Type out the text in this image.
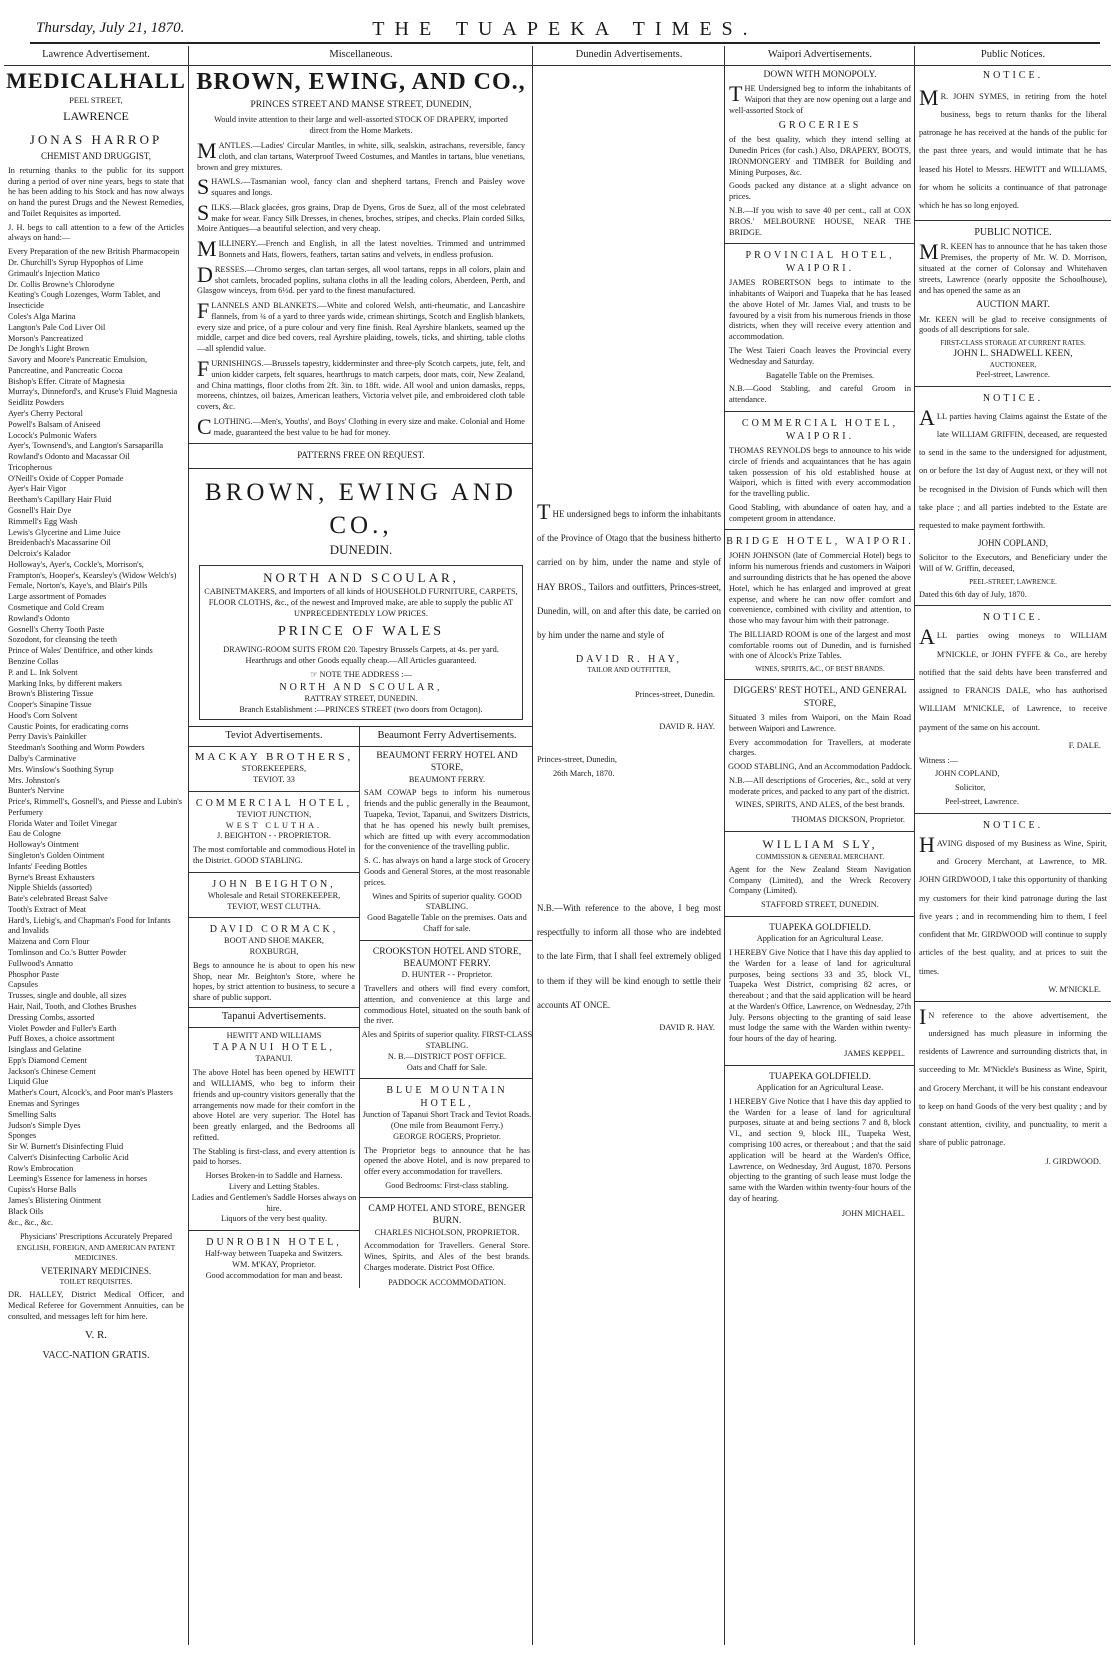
Thursday, July 21, 1870.	THE TUAPEKA TIMES.
Lawrence Advertisement.
MEDICALHALL
PEEL STREET,
LAWRENCE
JONAS HARROP
CHEMIST AND DRUGGIST,
In returning thanks to the public for its support during a period of over nine years, begs to state that he has been adding to his Stock and has now always on hand the purest Drugs and the Newest Remedies, and Toilet Requisites as imported.
J. H. begs to call attention to a few of the Articles always on hand:—
Every Preparation of the new British Pharmacopein
Dr. Churchill's Syrup Hypophos of Lime
Grimault's Injection Matico
Dr. Collis Browne's Chlorodyne
Keating's Cough Lozenges, Worm Tablet, and Insecticide
Coles's Alga Marina
Langton's Pale Cod Liver Oil
Morson's Pancreatized
De Jongh's Light Brown
Savory and Moore's Pancreatic Emulsion, Pancreatine, and Pancreatic Cocoa
Bishop's Effer. Citrate of Magnesia
Murray's, Dinneford's, and Kruse's Fluid Magnesia
Seidlitz Powders
Ayer's Cherry Pectoral
Powell's Balsam of Aniseed
Locock's Pulmonic Wafers
Ayer's, Townsend's, and Langton's Sarsaparilla
Rowland's Odonto and Macassar Oil
Tricopherous
O'Neill's Oxide of Copper Pomade
Ayer's Hair Vigor
Beetham's Capillary Hair Fluid
Gosnell's Hair Dye
Rimmell's Egg Wash
Lewis's Glycerine and Lime Juice
Breidenbach's Macassarine Oil
Delcroix's Kalador
Holloway's, Ayer's, Cockle's, Morrison's, Frampton's, Hooper's, Kearsley's (Widow Welch's) Female, Norton's, Kaye's, and Blair's Pills
Large assortment of Pomades
Cosmetique and Cold Cream
Rowland's Odonto
Gosnell's Cherry Tooth Paste
Sozodont, for cleansing the teeth
Prince of Wales' Dentifrice, and other kinds
Benzine Collas
P. and L. Ink Solvent
Marking Inks, by different makers
Brown's Blistering Tissue
Cooper's Sinapine Tissue
Hood's Corn Solvent
Caustic Points, for eradicating corns
Perry Davis's Painkiller
Steedman's Soothing and Worm Powders
Dalby's Carminative
Mrs. Winslow's Soothing Syrup
Mrs. Johnston's
Bunter's Nervine
Price's, Rimmell's, Gosnell's, and Piesse and Lubin's Perfumery
Florida Water and Toilet Vinegar
Eau de Cologne
Holloway's Ointment
Singleton's Golden Ointment
Infants' Feeding Bottles
Byrne's Breast Exhausters
Nipple Shields (assorted)
Bate's celebrated Breast Salve
Tooth's Extract of Meat
Hard's, Liebig's, and Chapman's Food for Infants and Invalids
Maizena and Corn Flour
Tomlinson and Co.'s Butter Powder
Fullwood's Annatto
Phosphor Paste
Capsules
Trusses, single and double, all sizes
Hair, Nail, Tooth, and Clothes Brushes
Dressing Combs, assorted
Violet Powder and Fuller's Earth
Puff Boxes, a choice assortment
Isinglass and Gelatine
Epp's Diamond Cement
Jackson's Chinese Cement
Liquid Glue
Mather's Court, Alcock's, and Poor man's Plasters
Enemas and Syringes
Smelling Salts
Judson's Simple Dyes
Sponges
Sir W. Burnett's Disinfecting Fluid
Calvert's Disinfecting Carbolic Acid
Row's Embrocation
Leeming's Essence for lameness in horses
Cupiss's Horse Balls
James's Blistering Ointment
Black Oils
&c., &c., &c.
Physicians' Prescriptions Accurately Prepared
ENGLISH, FOREIGN, AND AMERICAN PATENT MEDICINES.
VETERINARY MEDICINES.
TOILET REQUISITES.
DR. HALLEY, District Medical Officer, and Medical Referee for Government Annuities, can be consulted, and messages left for him here.
V. R.
VACC-NATION GRATIS.
Miscellaneous.
BROWN, EWING, AND CO.,
PRINCES STREET AND MANSE STREET, DUNEDIN,
Would invite attention to their large and well-assorted STOCK OF DRAPERY, imported direct from the Home Markets.
MANTLES.—Ladies' Circular Mantles, in white, silk, sealskin, astrachans, reversible, fancy cloth, and clan tartans, Waterproof Tweed Costumes, and Mantles in tartans, blue venetians, brown and grey mixtures.
SHAWLS.—Tasmanian wool, fancy clan and shepherd tartans, French and Paisley wove squares and longs.
SILKS.—Black glacées, gros grains, Drap de Dyens, Gros de Suez, all of the most celebrated make for wear. Fancy Silk Dresses, in chenes, broches, stripes, and checks. Plain corded Silks, Moire Antiques—a beautiful selection, and very cheap.
MILLINERY.—French and English, in all the latest novelties. Trimmed and untrimmed Bonnets and Hats, flowers, feathers, tartan satins and velvets, in endless profusion.
DRESSES.—Chromo serges, clan tartan serges, all wool tartans, repps in all colors, plain and shot camlets, brocaded poplins, sultana cloths in all the leading colors, Aberdeen, Perth, and Glasgow winceys, from 6½d. per yard to the finest manufactured.
FLANNELS AND BLANKETS.—White and colored Welsh, anti-rheumatic, and Lancashire flannels, from ¾ of a yard to three yards wide, crimean shirtings, Scotch and English blankets, every size and price, of a pure colour and very fine finish. Real Ayrshire blankets, seamed up the middle, carpet and dice bed covers, real Ayrshire plaiding, towels, ticks, and shirting, table cloths—all splendid value.
FURNISHINGS.—Brussels tapestry, kidderminster and three-ply Scotch carpets, jute, felt, and union kidder carpets, felt squares, hearthrugs to match carpets, door mats, coir, New Zealand, and China mattings, floor cloths from 2ft. 3in. to 18ft. wide. All wool and union damasks, repps, moreens, chintzes, oil baizes, American leathers, Victoria velvet pile, and embroidered cloth table covers, &c.
CLOTHING.—Men's, Youths', and Boys' Clothing in every size and make. Colonial and Home made, guaranteed the best value to be had for money.
PATTERNS FREE ON REQUEST.
BROWN, EWING AND CO.,
DUNEDIN.
NORTH AND SCOULAR,
CABINETMAKERS, and Importers of all kinds of HOUSEHOLD FURNITURE, CARPETS, FLOOR CLOTHS, &c., of the newest and Improved make, are able to supply the public AT UNPRECEDENTEDLY LOW PRICES.
PRINCE OF WALES
DRAWING-ROOM SUITS FROM £20. Tapestry Brussels Carpets, at 4s. per yard. Hearthrugs and other Goods equally cheap.—All Articles guaranteed.
☞ NOTE THE ADDRESS :—
NORTH AND SCOULAR,
RATTRAY STREET, DUNEDIN.
Branch Establishment :—PRINCES STREET (two doors from Octagon).
Teviot Advertisements.
MACKAY BROTHERS,
STOREKEEPERS,
TEVIOT. 33
COMMERCIAL HOTEL,
TEVIOT JUNCTION,
WEST CLUTHA.
J. BEIGHTON - - PROPRIETOR.
The most comfortable and commodious Hotel in the District. GOOD STABLING.
JOHN BEIGHTON,
Wholesale and Retail STOREKEEPER,
TEVIOT, WEST CLUTHA.
DAVID CORMACK,
BOOT AND SHOE MAKER,
ROXBURGH,
Begs to announce he is about to open his new Shop, near Mr. Beighton's Store, where he hopes, by strict attention to business, to secure a share of public support.
Tapanui Advertisements.
HEWITT AND WILLIAMS
TAPANUI HOTEL,
TAPANUI.
The above Hotel has been opened by HEWITT and WILLIAMS, who beg to inform their friends and up-country visitors generally that the arrangements now made for their comfort in the above Hotel are very superior. The Hotel has been greatly enlarged, and the Bedrooms all refitted.
The Stabling is first-class, and every attention is paid to horses.
Horses Broken-in to Saddle and Harness.
Livery and Letting Stables.
Ladies and Gentlemen's Saddle Horses always on hire.
Liquors of the very best quality.
DUNROBIN HOTEL,
Half-way between Tuapeka and Switzers.
WM. M'KAY, Proprietor.
Good accommodation for man and beast.
Beaumont Ferry Advertisements.
BEAUMONT FERRY HOTEL AND STORE,
BEAUMONT FERRY.
SAM COWAP begs to inform his numerous friends and the public generally in the Beaumont, Tuapeka, Teviot, Tapanui, and Switzers Districts, that he has opened his newly built premises, which are fitted up with every accommodation for the convenience of the travelling public.
S. C. has always on hand a large stock of Grocery Goods and General Stores, at the most reasonable prices.
Wines and Spirits of superior quality. GOOD STABLING.
Good Bagatelle Table on the premises. Oats and Chaff for sale.
CROOKSTON HOTEL AND STORE, BEAUMONT FERRY.
D. HUNTER - - Proprietor.
Travellers and others will find every comfort, attention, and convenience at this large and commodious Hotel, situated on the south bank of the river.
Ales and Spirits of superior quality. FIRST-CLASS STABLING.
N. B.—DISTRICT POST OFFICE.
Oats and Chaff for Sale.
BLUE MOUNTAIN HOTEL,
Junction of Tapanui Short Track and Teviot Roads.
(One mile from Beaumont Ferry.)
GEORGE ROGERS, Proprietor.
The Proprietor begs to announce that he has opened the above Hotel, and is now prepared to offer every accommodation for travellers.
Good Bedrooms: First-class stabling.
CAMP HOTEL AND STORE, BENGER BURN.
CHARLES NICHOLSON, PROPRIETOR.
Accommodation for Travellers. General Store. Wines, Spirits, and Ales of the best brands. Charges moderate. District Post Office.
PADDOCK ACCOMMODATION.
Dunedin Advertisements.
THE undersigned begs to inform the inhabitants of the Province of Otago that the business hitherto carried on by him, under the name and style of HAY BROS., Tailors and outfitters, Princes-street, Dunedin, will, on and after this date, be carried on by him under the name and style of
DAVID R. HAY,
TAILOR AND OUTFITTER,
Princes-street, Dunedin.
DAVID R. HAY.
Princes-street, Dunedin,
26th March, 1870.
N.B.—With reference to the above, I beg most respectfully to inform all those who are indebted to the late Firm, that I shall feel extremely obliged to them if they will be kind enough to settle their accounts AT ONCE.
DAVID R. HAY.
Waipori Advertisements.
DOWN WITH MONOPOLY.
THE Undersigned beg to inform the inhabitants of Waipori that they are now opening out a large and well-assorted Stock of
GROCERIES
of the best quality, which they intend selling at Dunedin Prices (for cash.) Also, DRAPERY, BOOTS, IRONMONGERY and TIMBER for Building and Mining Purposes, &c.
Goods packed any distance at a slight advance on prices.
N.B.—If you wish to save 40 per cent., call at COX BROS.' MELBOURNE HOUSE, NEAR THE BRIDGE.
PROVINCIAL HOTEL, WAIPORI.
JAMES ROBERTSON begs to intimate to the inhabitants of Waipori and Tuapeka that he has leased the above Hotel of Mr. James Vial, and trusts to be favoured by a visit from his numerous friends in those districts, when they will receive every attention and accommodation.
The West Taieri Coach leaves the Provincial every Wednesday and Saturday.
Bagatelle Table on the Premises.
N.B.—Good Stabling, and careful Groom in attendance.
COMMERCIAL HOTEL, WAIPORI.
THOMAS REYNOLDS begs to announce to his wide circle of friends and acquaintances that he has again taken possession of his old established house at Waipori, which is fitted with every accommodation for the travelling public.
Good Stabling, with abundance of oaten hay, and a competent groom in attendance.
BRIDGE HOTEL, WAIPORI.
JOHN JOHNSON (late of Commercial Hotel) begs to inform his numerous friends and customers in Waipori and surrounding districts that he has opened the above Hotel, which he has enlarged and improved at great expense, and where he can now offer comfort and convenience, combined with civility and attention, to those who may favour him with their patronage.
The BILLIARD ROOM is one of the largest and most comfortable rooms out of Dunedin, and is furnished with one of Alcock's Prize Tables.
WINES, SPIRITS, &C., OF BEST BRANDS.
DIGGERS' REST HOTEL, AND GENERAL STORE,
Situated 3 miles from Waipori, on the Main Road between Waipori and Lawrence.
Every accommodation for Travellers, at moderate charges.
GOOD STABLING, And an Accommodation Paddock.
N.B.—All descriptions of Groceries, &c., sold at very moderate prices, and packed to any part of the district.
WINES, SPIRITS, AND ALES, of the best brands.
THOMAS DICKSON, Proprietor.
WILLIAM SLY,
COMMISSION & GENERAL MERCHANT.
Agent for the New Zealand Steam Navigation Company (Limited), and the Wreck Recovery Company (Limited).
STAFFORD STREET, DUNEDIN.
TUAPEKA GOLDFIELD.
Application for an Agricultural Lease.
I HEREBY Give Notice that I have this day applied to the Warden for a lease of land for agricultural purposes, being sections 33 and 35, block VI., Tuapeka West District, comprising 82 acres, or thereabout ; and that the said application will be heard at the Warden's Office, Lawrence, on Wednesday, 27th July. Persons objecting to the granting of said lease must lodge the same with the Warden within twenty-four hours of the day of hearing.
JAMES KEPPEL.
TUAPEKA GOLDFIELD.
Application for an Agricultural Lease.
I HEREBY Give Notice that I have this day applied to the Warden for a lease of land for agricultural purposes, situate at and being sections 7 and 8, block VI., and section 9, block III., Tuapeka West, comprising 100 acres, or thereabout ; and that the said application will be heard at the Warden's Office, Lawrence, on Wednesday, 3rd August, 1870. Persons objecting to the granting of such lease must lodge the same with the Warden within twenty-four hours of the day of hearing.
JOHN MICHAEL.
Public Notices.
NOTICE.
MR. JOHN SYMES, in retiring from the hotel business, begs to return thanks for the liberal patronage he has received at the hands of the public for the past three years, and would intimate that he has leased his Hotel to Messrs. HEWITT and WILLIAMS, for whom he solicits a continuance of that patronage which he has so long enjoyed.
PUBLIC NOTICE.
MR. KEEN has to announce that he has taken those Premises, the property of Mr. W. D. Morrison, situated at the corner of Colonsay and Whitehaven streets, Lawrence (nearly opposite the Schoolhouse), and has opened the same as an
AUCTION MART.
Mr. KEEN will be glad to receive consignments of goods of all descriptions for sale.
FIRST-CLASS STORAGE AT CURRENT RATES.
JOHN L. SHADWELL KEEN,
AUCTIONEER,
Peel-street, Lawrence.
NOTICE.
ALL parties having Claims against the Estate of the late WILLIAM GRIFFIN, deceased, are requested to send in the same to the undersigned for adjustment, on or before the 1st day of August next, or they will not be recognised in the Division of Funds which will then take place ; and all parties indebted to the Estate are requested to make payment forthwith.
JOHN COPLAND,
Solicitor to the Executors, and Beneficiary under the Will of W. Griffin, deceased,
PEEL-STREET, LAWRENCE.
Dated this 6th day of July, 1870.
NOTICE.
ALL parties owing moneys to WILLIAM M'NICKLE, or JOHN FYFFE & Co., are hereby notified that the said debts have been transferred and assigned to FRANCIS DALE, who has authorised WILLIAM M'NICKLE, of Lawrence, to receive payment of the same on his account.
F. DALE.
Witness :—
JOHN COPLAND,
Solicitor,
Peel-street, Lawrence.
NOTICE.
HAVING disposed of my Business as Wine, Spirit, and Grocery Merchant, at Lawrence, to MR. JOHN GIRDWOOD, I take this opportunity of thanking my customers for their kind patronage during the last five years ; and in recommending him to them, I feel confident that Mr. GIRDWOOD will continue to supply articles of the best quality, and at prices to suit the times.
W. M'NICKLE.
IN reference to the above advertisement, the undersigned has much pleasure in informing the residents of Lawrence and surrounding districts that, in succeeding to Mr. M'Nickle's Business as Wine, Spirit, and Grocery Merchant, it will be his constant endeavour to keep on hand Goods of the very best quality ; and by constant attention, civility, and punctuality, to merit a share of public patronage.
J. GIRDWOOD.
